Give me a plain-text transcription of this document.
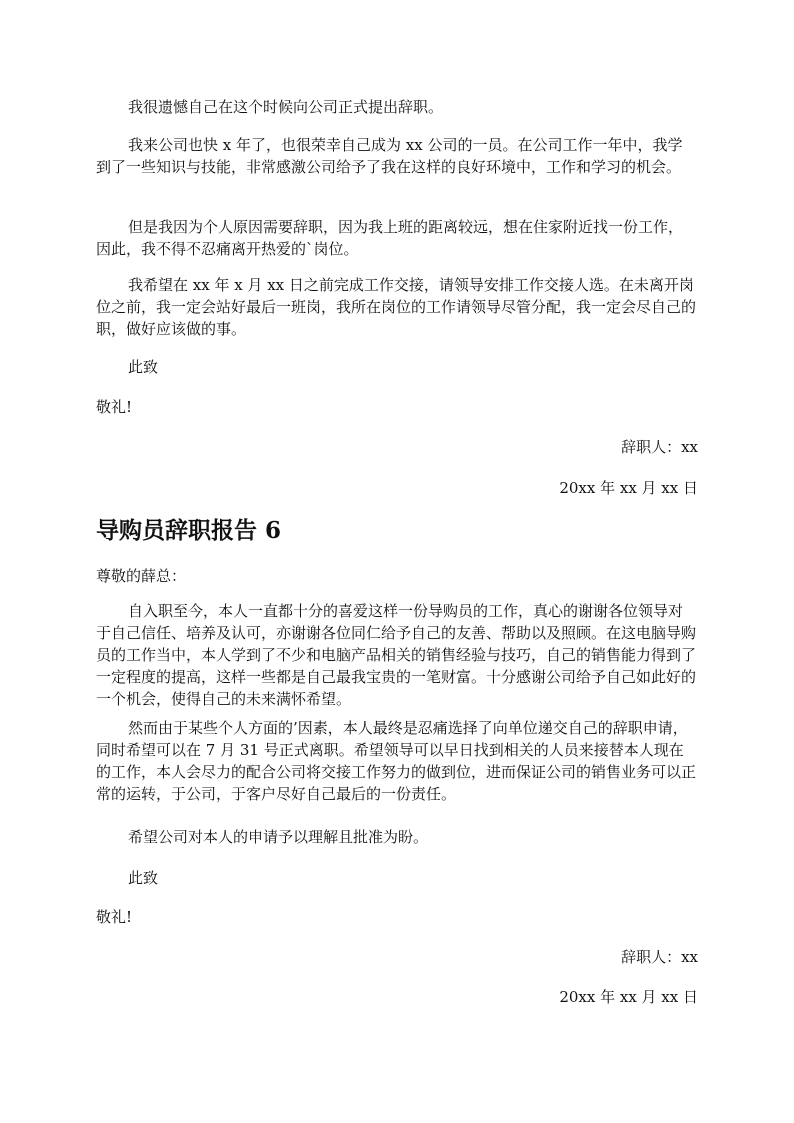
我很遗憾自己在这个时候向公司正式提出辞职。

我来公司也快 x 年了，也很荣幸自己成为 xx 公司的一员。在公司工作一年中，我学到了一些知识与技能，非常感激公司给予了我在这样的良好环境中，工作和学习的机会。

但是我因为个人原因需要辞职，因为我上班的距离较远，想在住家附近找一份工作，因此，我不得不忍痛离开热爱的`岗位。

我希望在 xx 年 x 月 xx 日之前完成工作交接，请领导安排工作交接人选。在未离开岗位之前，我一定会站好最后一班岗，我所在岗位的工作请领导尽管分配，我一定会尽自己的职，做好应该做的事。

此致

敬礼!

辞职人：xx
20xx 年 xx 月 xx 日
导购员辞职报告 6

尊敬的薛总：

自入职至今，本人一直都十分的喜爱这样一份导购员的工作，真心的谢谢各位领导对于自己信任、培养及认可，亦谢谢各位同仁给予自己的友善、帮助以及照顾。在这电脑导购员的工作当中，本人学到了不少和电脑产品相关的销售经验与技巧，自己的销售能力得到了一定程度的提高，这样一些都是自己最我宝贵的一笔财富。十分感谢公司给予自己如此好的一个机会，使得自己的未来满怀希望。

然而由于某些个人方面的’因素，本人最终是忍痛选择了向单位递交自己的辞职申请，同时希望可以在 7 月 31 号正式离职。希望领导可以早日找到相关的人员来接替本人现在的工作，本人会尽力的配合公司将交接工作努力的做到位，进而保证公司的销售业务可以正常的运转，于公司，于客户尽好自己最后的一份责任。

希望公司对本人的申请予以理解且批准为盼。

此致

敬礼!

辞职人：xx
20xx 年 xx 月 xx 日
